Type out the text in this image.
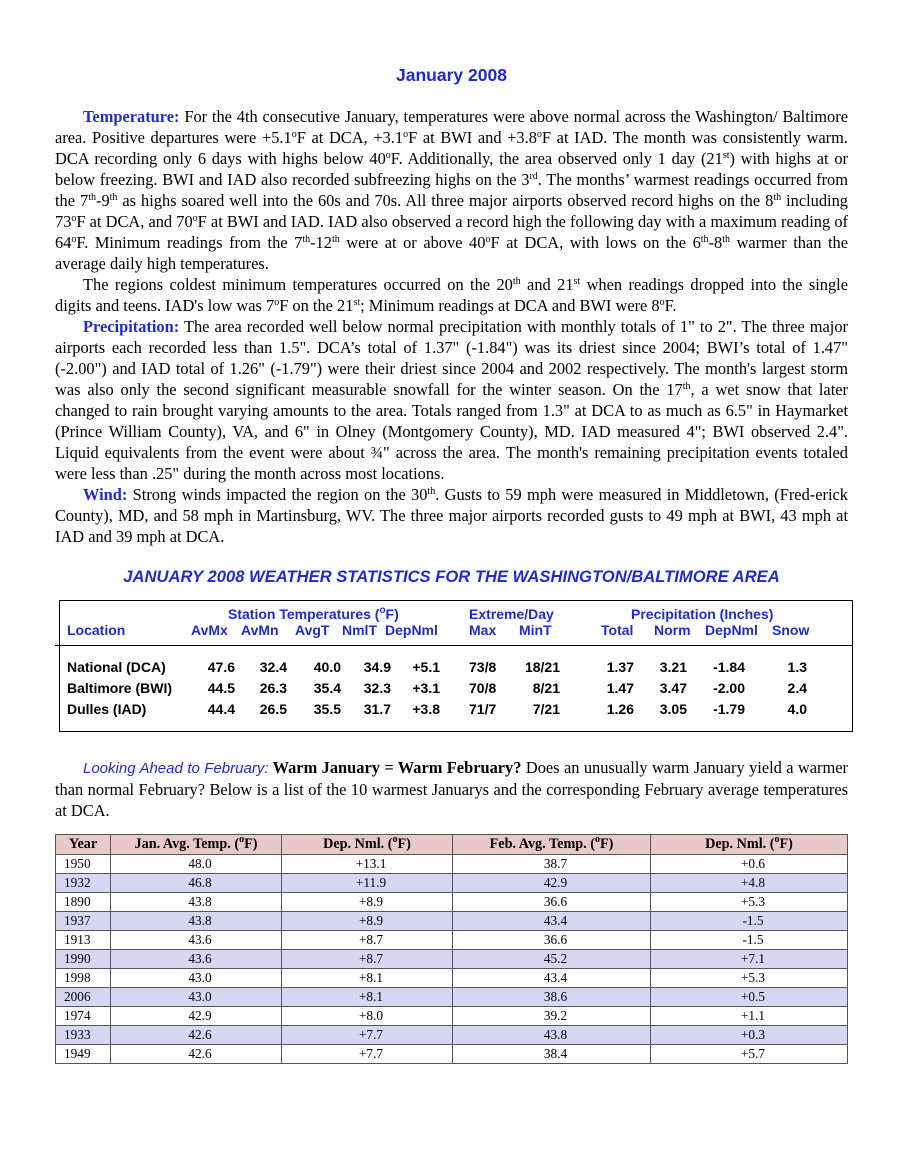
January 2008

Temperature: For the 4th consecutive January, temperatures were above normal across the Washington/ Baltimore area. Positive departures were $+5.1^oF$ at DCA, $+3.1^oF$ at BWI and $+3.8^oF$ at IAD. The month was consistently warm. DCA recording only 6 days with highs below 40$^o$F. Additionally, the area observed only 1 day (21st) with highs at or below freezing. BWI and IAD also recorded subfreezing highs on the 3rd. The months’ warmest readings occurred from the 7th-9th as highs soared well into the 60s and 70s. All three major airports observed record highs on the 8th including 73$^o$F at DCA, and 70$^o$F at BWI and IAD. IAD also observed a record high the following day with a maximum reading of 64$^o$F. Minimum readings from the 7th-12th were at or above 40$^o$F at DCA, with lows on the 6th-8th warmer than the average daily high temperatures.

The regions coldest minimum temperatures occurred on the 20th and 21st when readings dropped into the single digits and teens. IAD's low was 7$^o$F on the 21st; Minimum readings at DCA and BWI were 8$^o$F.

Precipitation: The area recorded well below normal precipitation with monthly totals of 1" to 2". The three major airports each recorded less than 1.5". DCA’s total of 1.37" (-1.84") was its driest since 2004; BWI’s total of 1.47" (-2.00") and IAD total of 1.26" (-1.79") were their driest since 2004 and 2002 respectively. The month's largest storm was also only the second significant measurable snowfall for the winter season. On the 17th, a wet snow that later changed to rain brought varying amounts to the area. Totals ranged from 1.3" at DCA to as much as 6.5" in Haymarket (Prince William County), VA, and 6" in Olney (Montgomery County), MD. IAD measured 4"; BWI observed 2.4". Liquid equivalents from the event were about ¾" across the area. The month's remaining precipitation events totaled were less than .25" during the month across most locations.

Wind: Strong winds impacted the region on the 30th. Gusts to 59 mph were measured in Middletown, (Fred-erick County), MD, and 58 mph in Martinsburg, WV. The three major airports recorded gusts to 49 mph at BWI, 43 mph at IAD and 39 mph at DCA.

JANUARY 2008 WEATHER STATISTICS FOR THE WASHINGTON/BALTIMORE AREA
Station Temperatures ($^o$F)	Extreme/Day	Precipitation (Inches)
Location	AvMx AvMn AvgT NmlT DepNml Max MinT	Total Norm DepNml Snow
National (DCA)	47.6 32.4 40.0 34.9 +5.1 73/8 18/21	1.37 3.21 -1.84	1.3
Baltimore (BWI)	44.5 26.3 35.4 32.3 +3.1 70/8	8/21	1.47 3.47 -2.00	2.4
Dulles (IAD)	44.4 26.5 35.5 31.7 +3.8 71/7	7/21	1.26 3.05 -1.79	4.0
Looking Ahead to February: Warm January = Warm February? Does an unusually warm January yield a warmer than normal February? Below is a list of the 10 warmest Januarys and the corresponding February average temperatures at DCA.
Year	Jan. Avg. Temp. ($^o$F)	Dep. Nml. ($^o$F)	Feb. Avg. Temp. ($^o$F)	Dep. Nml. ($^o$F)
1950	48.0	+13.1	38.7	+0.6
1932	46.8	+11.9	42.9	+4.8
1890	43.8	+8.9	36.6	+5.3
1937	43.8	+8.9	43.4	-1.5
1913	43.6	+8.7	36.6	-1.5
1990	43.6	+8.7	45.2	+7.1
1998	43.0	+8.1	43.4	+5.3
2006	43.0	+8.1	38.6	+0.5
1974	42.9	+8.0	39.2	+1.1
1933	42.6	+7.7	43.8	+0.3
1949	42.6	+7.7	38.4	+5.7
